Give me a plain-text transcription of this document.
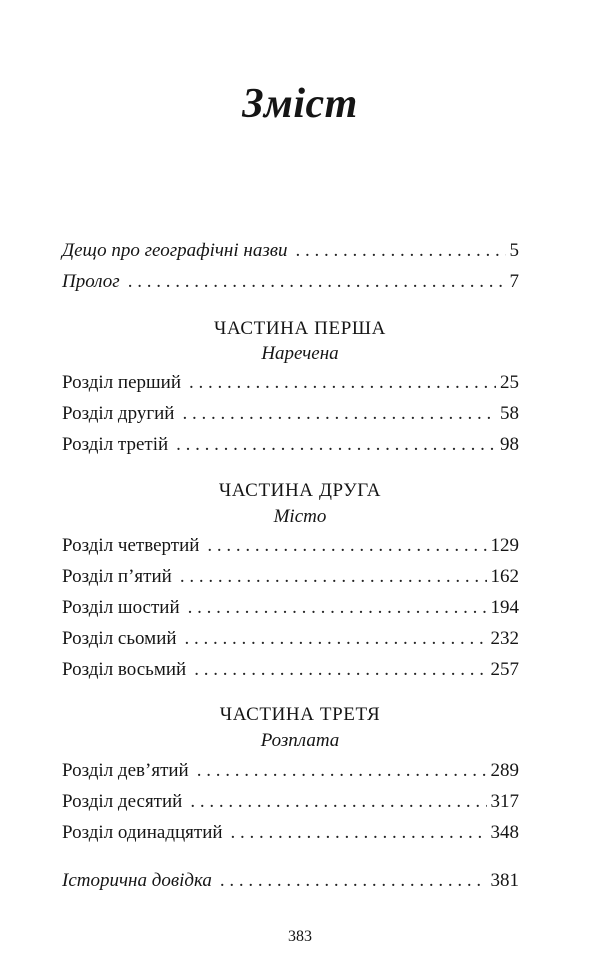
Зміст
Дещо про географічні назви . . .	5
Пролог . . .	7
ЧАСТИНА ПЕРША
Наречена
Розділ перший . . .	25
Розділ другий . . .	58
Розділ третій . . .	98
ЧАСТИНА ДРУГА
Місто
Розділ четвертий . . .	129
Розділ п’ятий . . .	162
Розділ шостий . . .	194
Розділ сьомий . . .	232
Розділ восьмий . . .	257
ЧАСТИНА ТРЕТЯ
Розплата
Розділ дев’ятий . . .	289
Розділ десятий . . .	317
Розділ одинадцятий . . .	348
Історична довідка . . .	381
383
